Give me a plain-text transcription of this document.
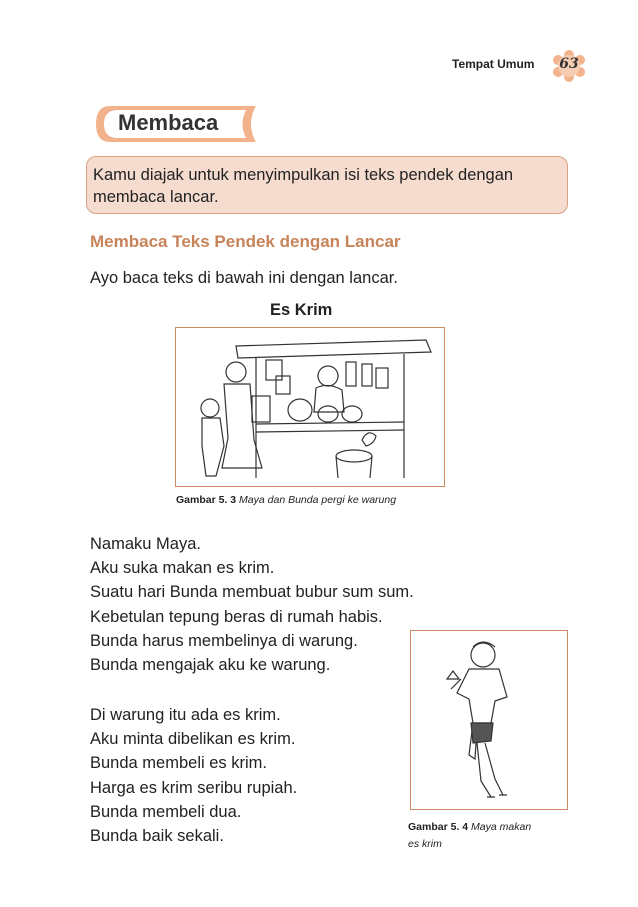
Tempat Umum	63
Membaca
Kamu diajak untuk menyimpulkan isi teks pendek dengan
membaca lancar.
Membaca Teks Pendek dengan Lancar
Ayo baca teks di bawah ini dengan lancar.
Es Krim
Gambar 5. 3 Maya dan Bunda pergi ke warung

Namaku Maya.

Aku suka makan es krim.

Suatu hari Bunda membuat bubur sum sum.

Kebetulan tepung beras di rumah habis.

Bunda harus membelinya di warung.

Bunda mengajak aku ke warung.

Di warung itu ada es krim.

Aku minta dibelikan es krim.

Bunda membeli es krim.

Harga es krim seribu rupiah.

Bunda membeli dua.

Bunda baik sekali.

Gambar 5. 4 Maya makan
es krim
